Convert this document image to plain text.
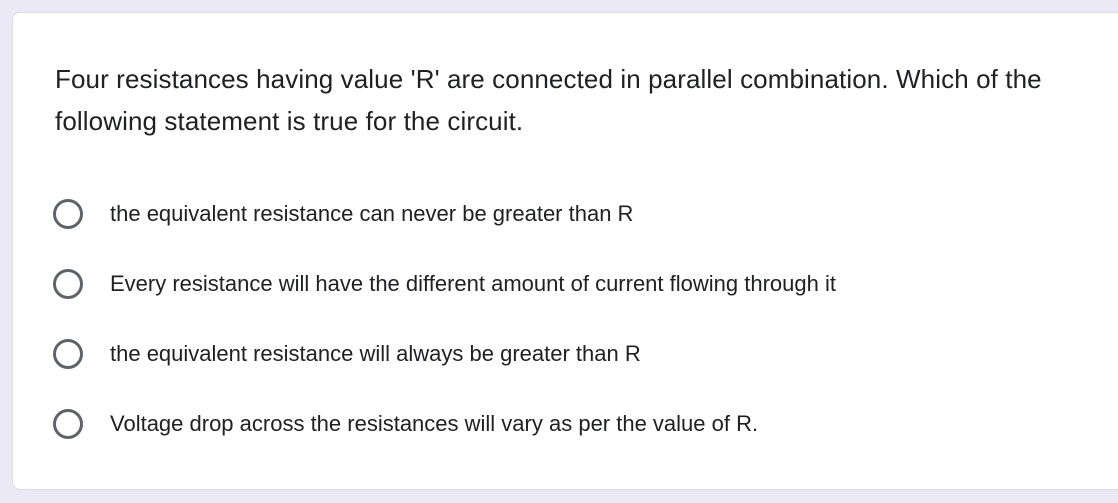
Four resistances having value 'R' are connected in parallel combination. Which of the following statement is true for the circuit.
the equivalent resistance can never be greater than R
Every resistance will have the different amount of current flowing through it
the equivalent resistance will always be greater than R
Voltage drop across the resistances will vary as per the value of R.
